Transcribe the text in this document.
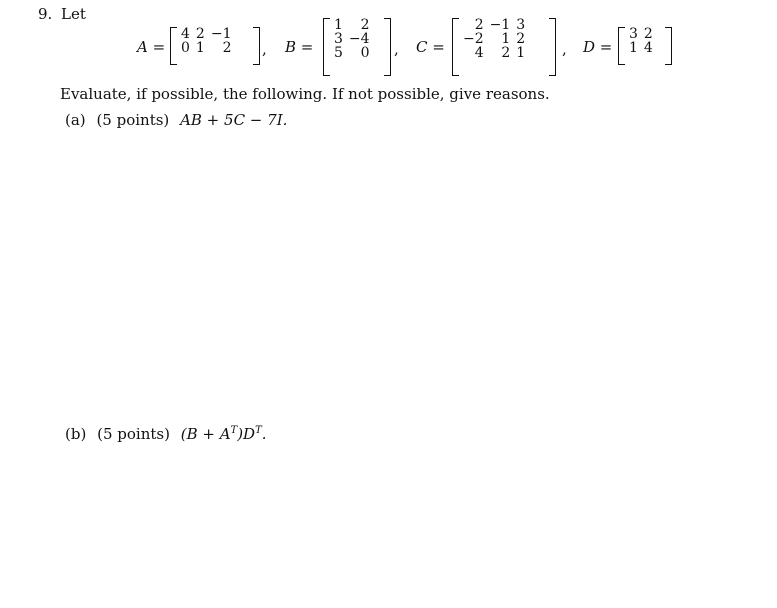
9. Let
A =
4	2	−1
0	1	2 , B =
1	2
3	−4
5	0 , C =
2	−1	3
−2	1	2
4	2	1 , D =
3	2
1	4
Evaluate, if possible, the following. If not possible, give reasons.
(a) (5 points) AB + 5C − 7I.
(b) (5 points) $(B + A^T)D^T$.
